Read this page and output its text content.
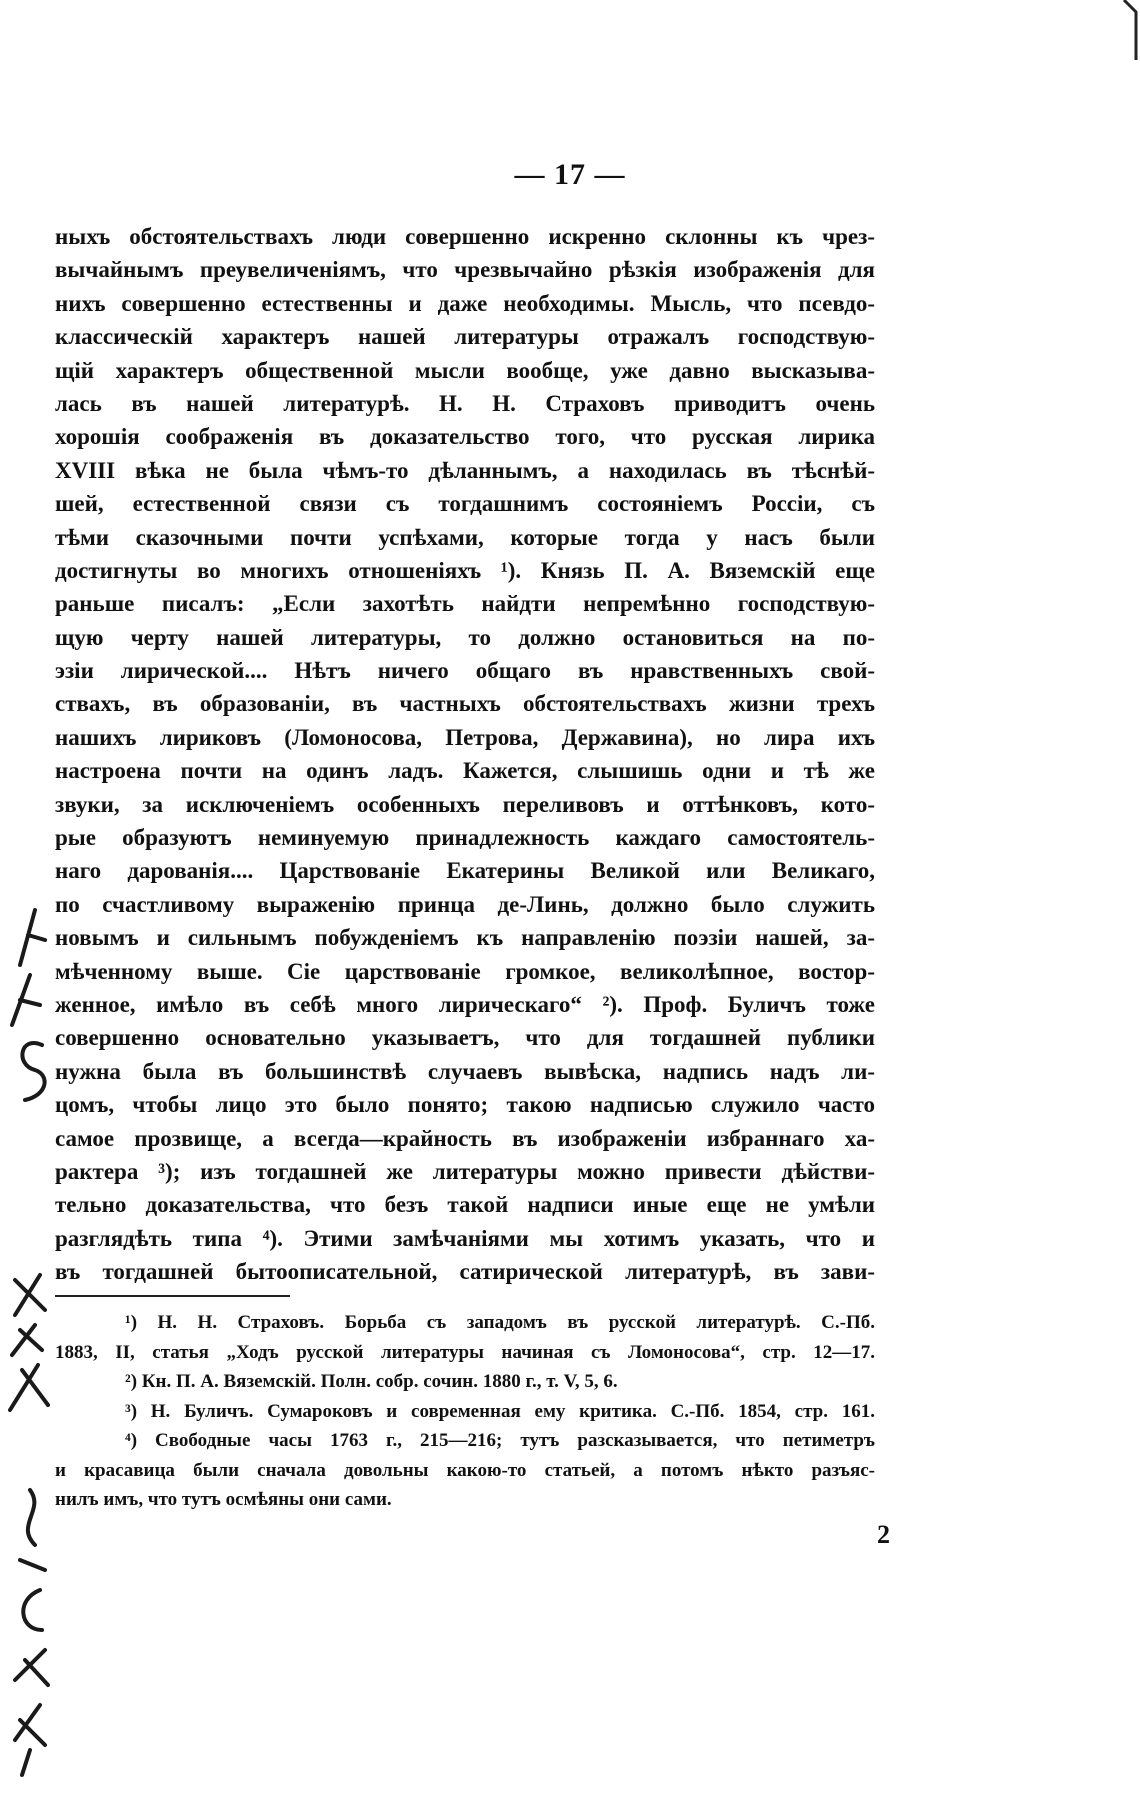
— 17 —
ныхъ обстоятельствахъ люди совершенно искренно склонны къ чрез-
вычайнымъ преувеличеніямъ, что чрезвычайно рѣзкія изображенія для
нихъ совершенно естественны и даже необходимы. Мысль, что псевдо-
классическій характеръ нашей литературы отражалъ господствую-
щій характеръ общественной мысли вообще, уже давно высказыва-
лась въ нашей литературѣ. Н. Н. Страховъ приводитъ очень
хорошія соображенія въ доказательство того, что русская лирика
XVIII вѣка не была чѣмъ-то дѣланнымъ, а находилась въ тѣснѣй-
шей, естественной связи съ тогдашнимъ состояніемъ Россіи, съ
тѣми сказочными почти успѣхами, которые тогда у насъ были
достигнуты во многихъ отношеніяхъ ¹). Князь П. А. Вяземскій еще
раньше писалъ: „Если захотѣть найдти непремѣнно господствую-
щую черту нашей литературы, то должно остановиться на по-
эзіи лирической.... Нѣтъ ничего общаго въ нравственныхъ свой-
ствахъ, въ образованіи, въ частныхъ обстоятельствахъ жизни трехъ
нашихъ лириковъ (Ломоносова, Петрова, Державина), но лира ихъ
настроена почти на одинъ ладъ. Кажется, слышишь одни и тѣ же
звуки, за исключеніемъ особенныхъ переливовъ и оттѣнковъ, кото-
рые образуютъ неминуемую принадлежность каждаго самостоятель-
наго дарованія.... Царствованіе Екатерины Великой или Великаго,
по счастливому выраженію принца де-Линь, должно было служить
новымъ и сильнымъ побужденіемъ къ направленію поэзіи нашей, за-
мѣченному выше. Сіе царствованіе громкое, великолѣпное, востор-
женное, имѣло въ себѣ много лирическаго“ ²). Проф. Буличъ тоже
совершенно основательно указываетъ, что для тогдашней публики
нужна была въ большинствѣ случаевъ вывѣска, надпись надъ ли-
цомъ, чтобы лицо это было понято; такою надписью служило часто
самое прозвище, а всегда—крайность въ изображеніи избраннаго ха-
рактера ³); изъ тогдашней же литературы можно привести дѣйстви-
тельно доказательства, что безъ такой надписи иные еще не умѣли
разглядѣть типа ⁴). Этими замѣчаніями мы хотимъ указать, что и
въ тогдашней бытоописательной, сатирической литературѣ, въ зави-
¹) Н. Н. Страховъ. Борьба съ западомъ въ русской литературѣ. С.-Пб.
1883, II, статья „Ходъ русской литературы начиная съ Ломоносова“, стр. 12—17.
²) Кн. П. А. Вяземскій. Полн. собр. сочин. 1880 г., т. V, 5, 6.
³) Н. Буличъ. Сумароковъ и современная ему критика. С.-Пб. 1854, стр. 161.
⁴) Свободные часы 1763 г., 215—216; тутъ разсказывается, что петиметръ
и красавица были сначала довольны какою-то статьей, а потомъ нѣкто разъяс-
нилъ имъ, что тутъ осмѣяны они сами.
2
